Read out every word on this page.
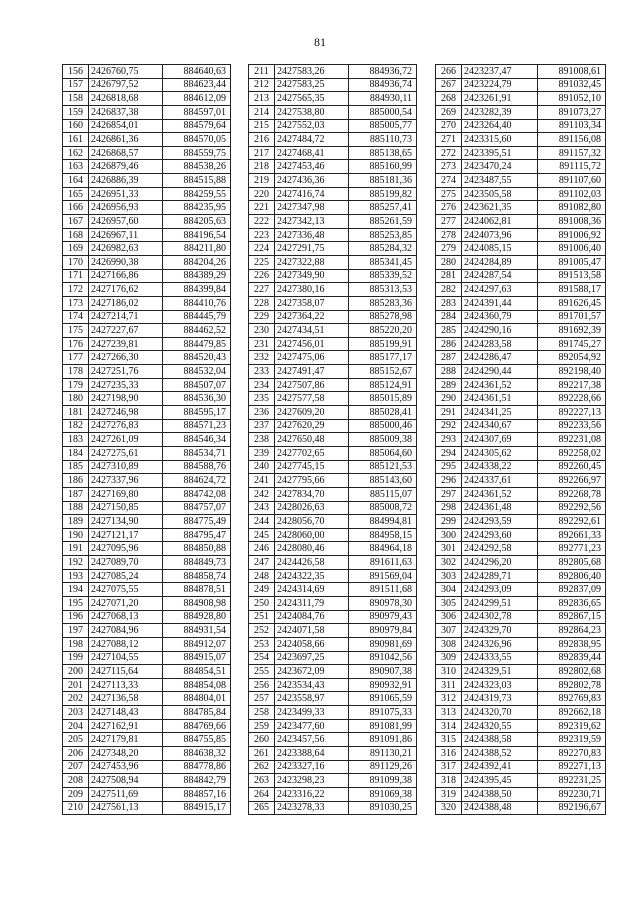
81
156	2426760,75	884640,63
157	2426797,52	884623,44
158	2426818,68	884612,09
159	2426837,38	884597,01
160	2426854,01	884579,64
161	2426861,36	884570,05
162	2426868,57	884559,75
163	2426879,46	884538,26
164	2426886,39	884515,88
165	2426951,33	884259,55
166	2426956,93	884235,95
167	2426957,60	884205,63
168	2426967,11	884196,54
169	2426982,63	884211,80
170	2426990,38	884204,26
171	2427166,86	884389,29
172	2427176,62	884399,84
173	2427186,02	884410,76
174	2427214,71	884445,79
175	2427227,67	884462,52
176	2427239,81	884479,85
177	2427266,30	884520,43
178	2427251,76	884532,04
179	2427235,33	884507,07
180	2427198,90	884536,30
181	2427246,98	884595,17
182	2427276,83	884571,23
183	2427261,09	884546,34
184	2427275,61	884534,71
185	2427310,89	884588,76
186	2427337,96	884624,72
187	2427169,80	884742,08
188	2427150,85	884757,07
189	2427134,90	884775,49
190	2427121,17	884795,47
191	2427095,96	884850,88
192	2427089,70	884849,73
193	2427085,24	884858,74
194	2427075,55	884878,51
195	2427071,20	884908,98
196	2427068,13	884928,80
197	2427084,96	884931,54
198	2427088,12	884912,07
199	2427104,55	884915,07
200	2427115,64	884854,51
201	2427113,33	884854,08
202	2427136,58	884804,01
203	2427148,43	884785,84
204	2427162,91	884769,66
205	2427179,81	884755,85
206	2427348,20	884638,32
207	2427453,96	884778,86
208	2427508,94	884842,79
209	2427511,69	884857,16
210	2427561,13	884915,17
211	2427583,26	884936,72
212	2427583,25	884936,74
213	2427565,35	884930,11
214	2427538,80	885000,54
215	2427552,03	885005,77
216	2427484,72	885110,73
217	2427468,41	885138,65
218	2427453,46	885160,99
219	2427436,36	885181,36
220	2427416,74	885199,82
221	2427347,98	885257,41
222	2427342,13	885261,59
223	2427336,48	885253,85
224	2427291,75	885284,32
225	2427322,88	885341,45
226	2427349,90	885339,52
227	2427380,16	885313,53
228	2427358,07	885283,36
229	2427364,22	885278,98
230	2427434,51	885220,20
231	2427456,01	885199,91
232	2427475,06	885177,17
233	2427491,47	885152,67
234	2427507,86	885124,91
235	2427577,58	885015,89
236	2427609,20	885028,41
237	2427620,29	885000,46
238	2427650,48	885009,38
239	2427702,65	885064,60
240	2427745,15	885121,53
241	2427795,66	885143,60
242	2427834,70	885115,07
243	2428026,63	885008,72
244	2428056,70	884994,81
245	2428060,00	884958,15
246	2428080,46	884964,18
247	2424426,58	891611,63
248	2424322,35	891569,04
249	2424314,69	891511,68
250	2424311,79	890978,30
251	2424084,76	890979,43
252	2424071,58	890979,84
253	2424058,66	890981,69
254	2423697,25	891042,56
255	2423672,09	890907,38
256	2423534,43	890932,91
257	2423558,97	891065,59
258	2423499,33	891075,33
259	2423477,60	891081,99
260	2423457,56	891091,86
261	2423388,64	891130,21
262	2423327,16	891129,26
263	2423298,23	891099,38
264	2423316,22	891069,38
265	2423278,33	891030,25
266	2423237,47	891008,61
267	2423224,79	891032,45
268	2423261,91	891052,10
269	2423282,39	891073,27
270	2423264,40	891103,34
271	2423315,60	891156,08
272	2423395,51	891157,32
273	2423470,24	891115,72
274	2423487,55	891107,60
275	2423505,58	891102,03
276	2423621,35	891082,80
277	2424062,81	891008,36
278	2424073,96	891006,92
279	2424085,15	891006,40
280	2424284,89	891005,47
281	2424287,54	891513,58
282	2424297,63	891588,17
283	2424391,44	891626,45
284	2424360,79	891701,57
285	2424290,16	891692,39
286	2424283,58	891745,27
287	2424286,47	892054,92
288	2424290,44	892198,40
289	2424361,52	892217,38
290	2424361,51	892228,66
291	2424341,25	892227,13
292	2424340,67	892233,56
293	2424307,69	892231,08
294	2424305,62	892258,02
295	2424338,22	892260,45
296	2424337,61	892266,97
297	2424361,52	892268,78
298	2424361,48	892292,56
299	2424293,59	892292,61
300	2424293,60	892661,33
301	2424292,58	892771,23
302	2424296,20	892805,68
303	2424289,71	892806,40
304	2424293,09	892837,09
305	2424299,51	892836,65
306	2424302,78	892867,15
307	2424329,70	892864,23
308	2424326,96	892838,95
309	2424333,55	892839,44
310	2424329,51	892802,68
311	2424323,03	892802,78
312	2424319,73	892769,83
313	2424320,70	892662,18
314	2424320,55	892319,62
315	2424388,58	892319,59
316	2424388,52	892270,83
317	2424392,41	892271,13
318	2424395,45	892231,25
319	2424388,50	892230,71
320	2424388,48	892196,67
